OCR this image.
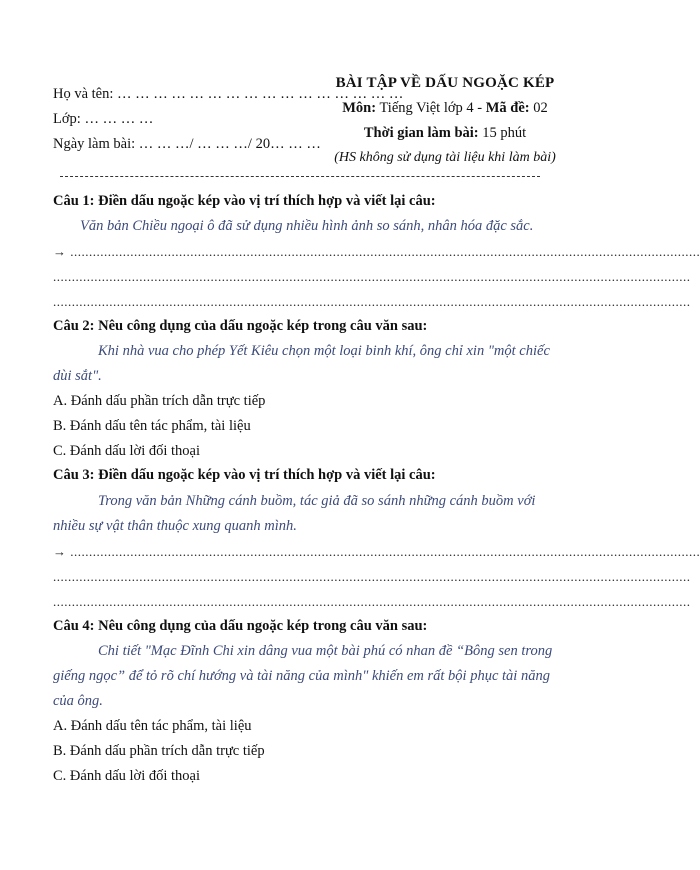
Họ và tên: … … … … … … … … … … … … … … … …
Lớp: … … … …
Ngày làm bài: … … …/ … … …/ 20… … …
BÀI TẬP VỀ DẤU NGOẶC KÉP
Môn: Tiếng Việt lớp 4 - Mã đề: 02
Thời gian làm bài: 15 phút
(HS không sử dụng tài liệu khi làm bài)
Câu 1: Điền dấu ngoặc kép vào vị trí thích hợp và viết lại câu:
Văn bản Chiều ngoại ô đã sử dụng nhiều hình ảnh so sánh, nhân hóa đặc sắc.
→ ........................................................................................................................................................................
..........................................................................................................................................................................
..........................................................................................................................................................................
Câu 2: Nêu công dụng của dấu ngoặc kép trong câu văn sau:
Khi nhà vua cho phép Yết Kiêu chọn một loại binh khí, ông chỉ xin "một chiếc
dùi sắt".
A. Đánh dấu phần trích dẫn trực tiếp
B. Đánh dấu tên tác phẩm, tài liệu
C. Đánh dấu lời đối thoại
Câu 3: Điền dấu ngoặc kép vào vị trí thích hợp và viết lại câu:
Trong văn bản Những cánh buồm, tác giả đã so sánh những cánh buồm với
nhiều sự vật thân thuộc xung quanh mình.
→ ........................................................................................................................................................................
..........................................................................................................................................................................
..........................................................................................................................................................................
Câu 4: Nêu công dụng của dấu ngoặc kép trong câu văn sau:
Chi tiết "Mạc Đĩnh Chi xin dâng vua một bài phú có nhan đề “Bông sen trong
giếng ngọc” để tỏ rõ chí hướng và tài năng của mình" khiến em rất bội phục tài năng
của ông.
A. Đánh dấu tên tác phẩm, tài liệu
B. Đánh dấu phần trích dẫn trực tiếp
C. Đánh dấu lời đối thoại
